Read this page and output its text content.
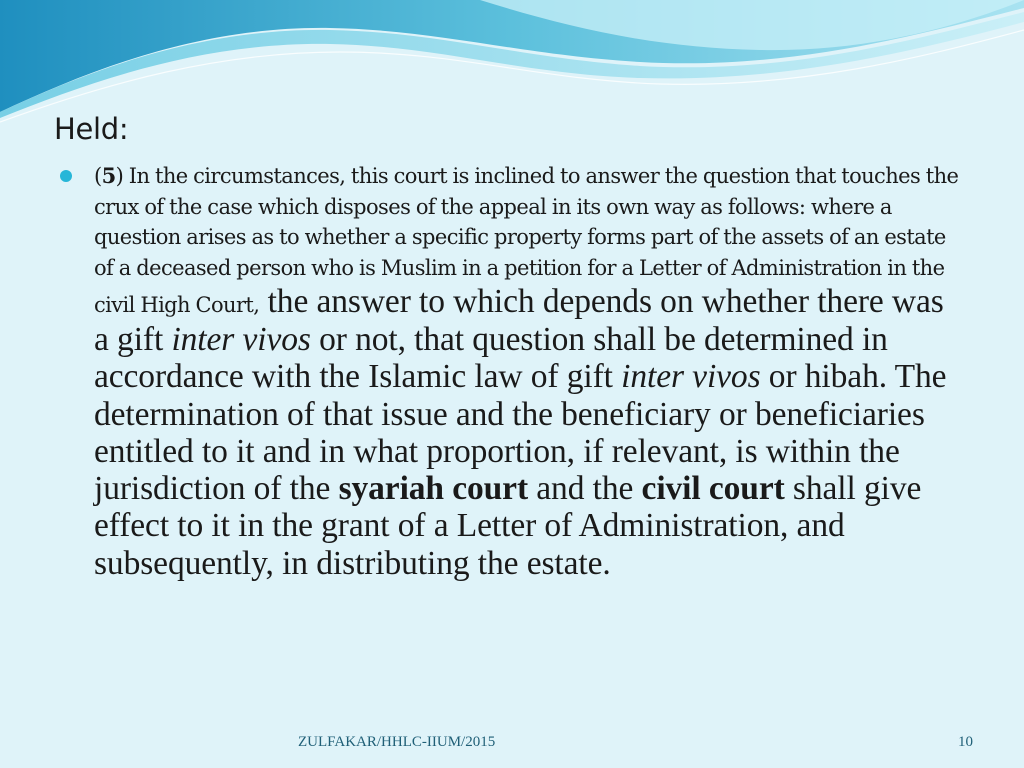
Held:

(5) In the circumstances, this court is inclined to answer the question that touches the crux of the case which disposes of the appeal in its own way as follows: where a question arises as to whether a specific property forms part of the assets of an estate of a deceased person who is Muslim in a petition for a Letter of Administration in the civil High Court, the answer to which depends on whether there was a gift inter vivos or not, that question shall be determined in accordance with the Islamic law of gift inter vivos or hibah. The determination of that issue and the beneficiary or beneficiaries entitled to it and in what proportion, if relevant, is within the jurisdiction of the syariah court and the civil court shall give effect to it in the grant of a Letter of Administration, and subsequently, in distributing the estate.

ZULFAKAR/HHLC-IIUM/2015	10
